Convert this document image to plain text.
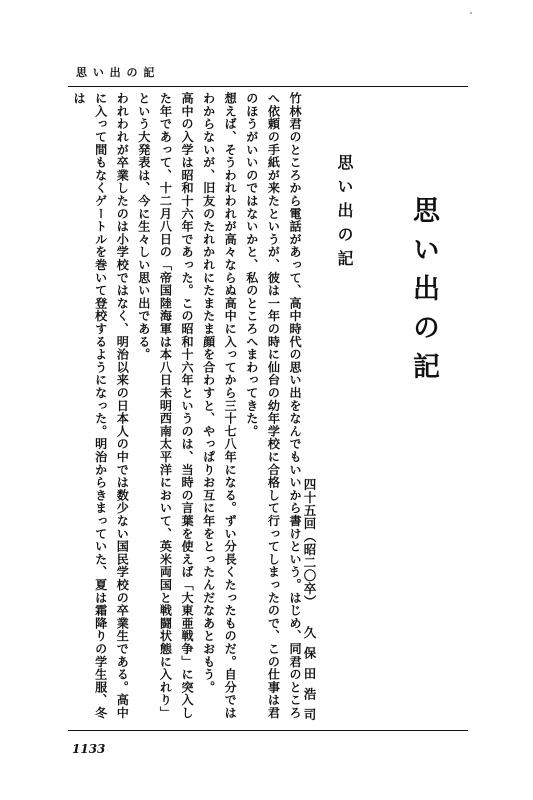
思 い 出 の 記
思い出の記
思い出の記
四十五回（昭二〇卒）
久保田浩司

竹林君のところから電話があって、高中時代の思い出をなんでもいいから書けという。はじめ、同君のところへ依頼の手紙が来たというが、彼は一年の時に仙台の幼年学校に合格して行ってしまったので、この仕事は君のほうがいいのではないかと、私のところへまわってきた。

想えば、そうわれわれが高々ならぬ高中に入ってから三十七八年になる。ずい分長くたったものだ。自分ではわからないが、旧友のたれかれにたまたま顔を合わすと、やっぱりお互に年をとったんだなあとおもう。

高中の入学は昭和十六年であった。この昭和十六年というのは、当時の言葉を使えば「大東亜戦争」に突入した年であって、十二月八日の「帝国陸海軍は本八日未明西南太平洋において、英米両国と戦闘状態に入れり」という大発表は、今に生々しい思い出である。

われわれが卒業したのは小学校ではなく、明治以来の日本人の中では数少ない国民学校の卒業生である。高中に入って間もなくゲートルを巻いて登校するようになった。明治からきまっていた、夏は霜降りの学生服、冬は

1133
